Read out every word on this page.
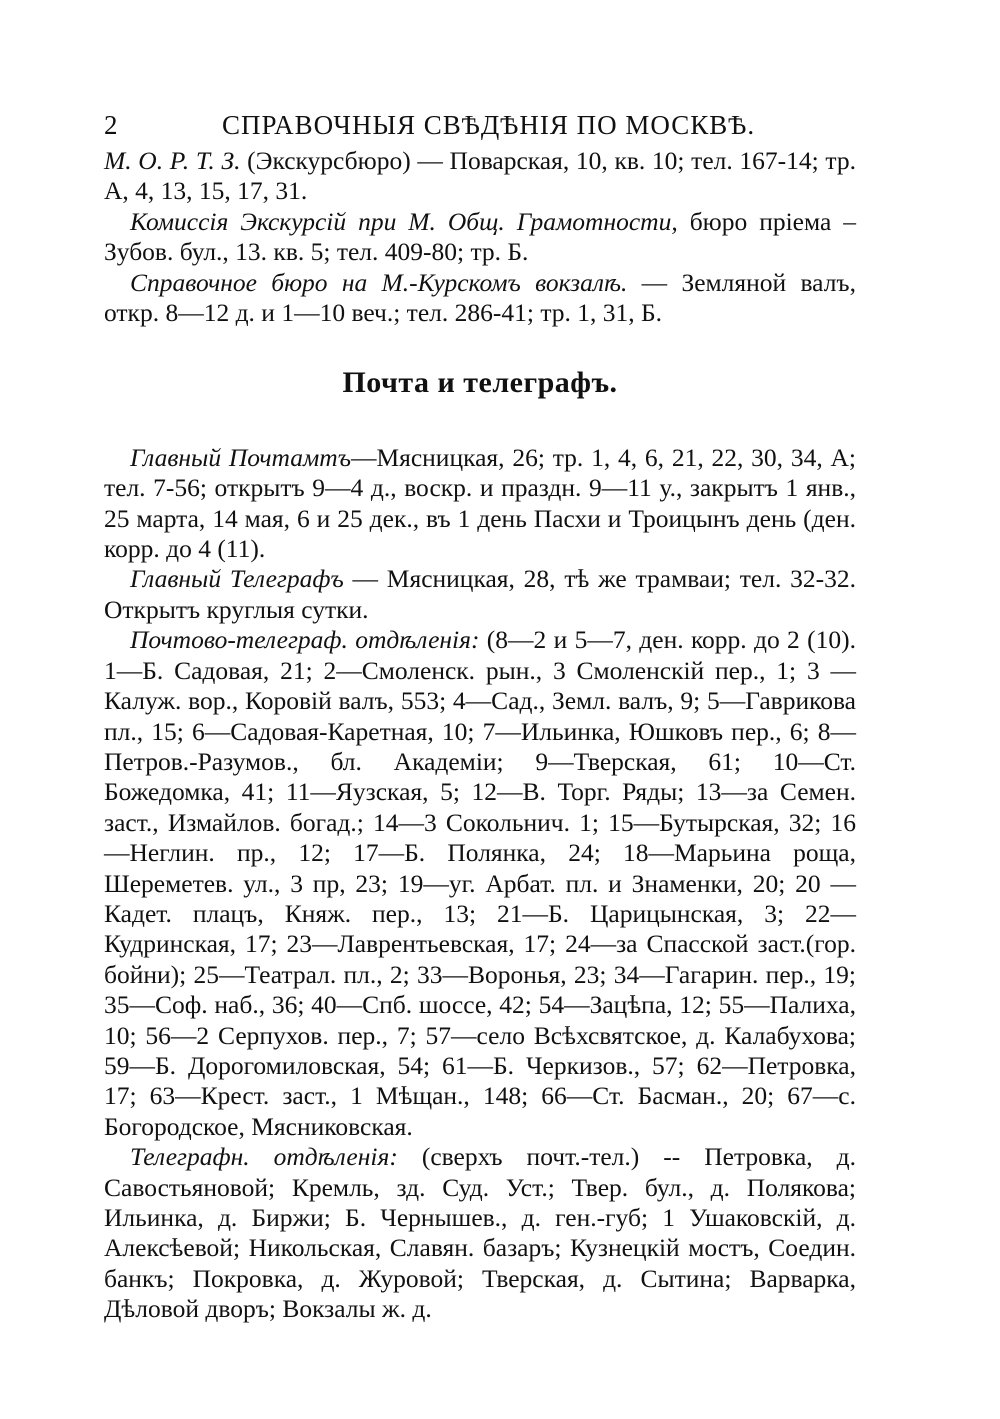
2	СПРАВОЧНЫЯ СВѢДѢНІЯ ПО МОСКВѢ.

М. О. Р. Т. З. (Экскурсбюро) — Поварская, 10, кв. 10; тел. 167-14; тр. А, 4, 13, 15, 17, 31.

Комиссія Экскурсій при М. Общ. Грамотности, бюро пріема – Зубов. бул., 13. кв. 5; тел. 409-80; тр. Б.

Справочное бюро на М.-Курскомъ вокзалѣ. — Земляной валъ, откр. 8—12 д. и 1—10 веч.; тел. 286-41; тр. 1, 31, Б.

Почта и телеграфъ.

Главный Почтамтъ—Мясницкая, 26; тр. 1, 4, 6, 21, 22, 30, 34, А; тел. 7-56; открытъ 9—4 д., воскр. и праздн. 9—11 у., закрытъ 1 янв., 25 марта, 14 мая, 6 и 25 дек., въ 1 день Пасхи и Троицынъ день (ден. корр. до 4 (11).

Главный Телеграфъ — Мясницкая, 28, тѣ же трамваи; тел. 32-32. Открытъ круглыя сутки.

Почтово-телеграф. отдѣленія: (8—2 и 5—7, ден. корр. до 2 (10). 1—Б. Садовая, 21; 2—Смоленск. рын., 3 Смоленскій пер., 1; 3 — Калуж. вор., Коровій валъ, 553; 4—Сад., Земл. валъ, 9; 5—Гаврикова пл., 15; 6—Садовая-Каретная, 10; 7—Ильинка, Юшковъ пер., 6; 8—Петров.-Разумов., бл. Академіи; 9—Тверская, 61; 10—Ст. Божедомка, 41; 11—Яузская, 5; 12—В. Торг. Ряды; 13—за Семен. заст., Измайлов. богад.; 14—3 Сокольнич. 1; 15—Бутырская, 32; 16—Неглин. пр., 12; 17—Б. Полянка, 24; 18—Марьина роща, Шереметев. ул., 3 пр, 23; 19—уг. Арбат. пл. и Знаменки, 20; 20 — Кадет. плацъ, Княж. пер., 13; 21—Б. Царицынская, 3; 22—Кудринская, 17; 23—Лаврентьевская, 17; 24—за Спасской заст.(гор. бойни); 25—Театрал. пл., 2; 33—Воронья, 23; 34—Гагарин. пер., 19; 35—Соф. наб., 36; 40—Спб. шоссе, 42; 54—Зацѣпа, 12; 55—Палиха, 10; 56—2 Серпухов. пер., 7; 57—село Всѣхсвятское, д. Калабухова; 59—Б. Дорогомиловская, 54; 61—Б. Черкизов., 57; 62—Петровка, 17; 63—Крест. заст., 1 Мѣщан., 148; 66—Ст. Басман., 20; 67—с. Богородское, Мясниковская.

Телеграфн. отдѣленія: (сверхъ почт.-тел.) -- Петровка, д. Савостьяновой; Кремль, зд. Суд. Уст.; Твер. бул., д. Полякова; Ильинка, д. Биржи; Б. Чернышев., д. ген.-губ; 1 Ушаковскій, д. Алексѣевой; Никольская, Славян. базаръ; Кузнецкій мостъ, Соедин. банкъ; Покровка, д. Журовой; Тверская, д. Сытина; Варварка, Дѣловой дворъ; Вокзалы ж. д.
